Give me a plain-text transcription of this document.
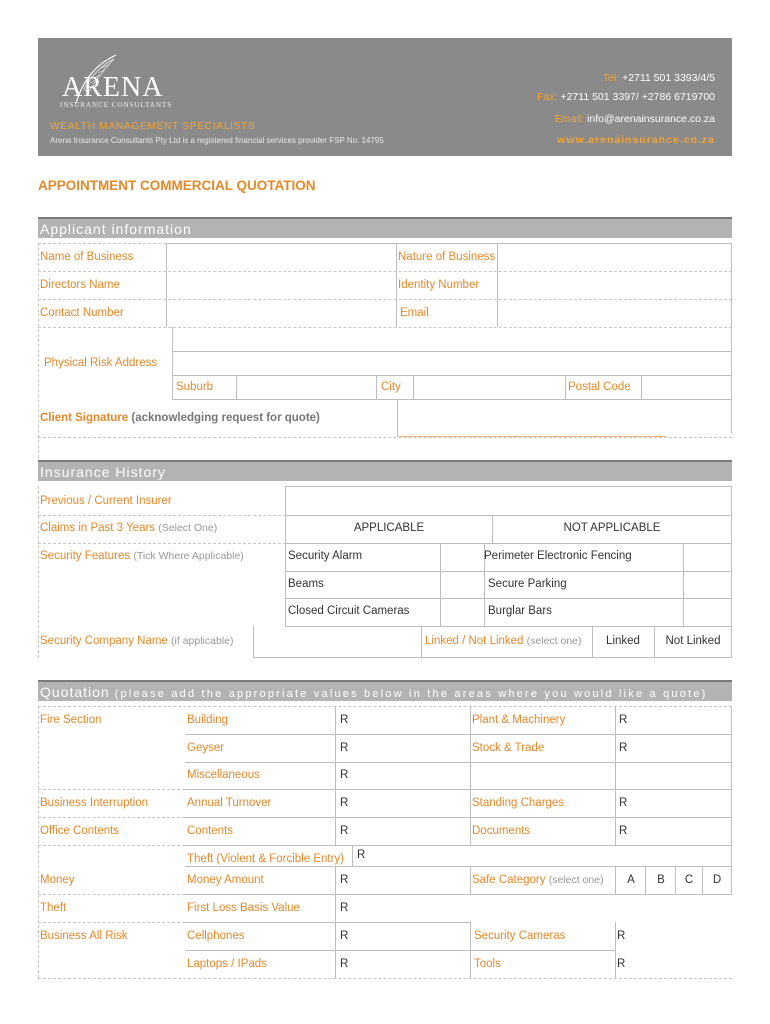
ARENA
INSURANCE CONSULTANTS
WEALTH MANAGEMENT SPECIALISTS
Arena Insurance Consultants Pty Ltd is a registered financial services provider FSP No. 14795
Tel: +2711 501 3393/4/5
Fax: +2711 501 3397/ +2786 6719700
Email: info@arenainsurance.co.za
www.arenainsurance.co.za
APPOINTMENT COMMERCIAL QUOTATION
Applicant information
Name of Business	Nature of Business
Directors Name	Identity Number
Contact Number	Email
Physical Risk Address
Suburb	City	Postal Code
Client Signature (acknowledging request for quote)
Insurance History
Previous / Current Insurer
Claims in Past 3 Years (Select One)	APPLICABLE	NOT APPLICABLE
Security Features (Tick Where Applicable)	Security Alarm	Perimeter Electronic Fencing
Beams	Secure Parking
Closed Circuit Cameras	Burglar Bars
Security Company Name (if applicable)	Linked / Not Linked (select one)	Linked	Not Linked
Quotation (please add the appropriate values below in the areas where you would like a quote)
Fire Section	Building	R	Plant & Machinery	R
Geyser	R	Stock & Trade	R
Miscellaneous	R
Business Interruption	Annual Turnover	R	Standing Charges	R
Office Contents	Contents	R	Documents	R
Theft (Violent & Forcible Entry) R
Money	Money Amount	R	Safe Category (select one)	A	B	C	D
Theft	First Loss Basis Value	R
Business All Risk	Cellphones	R	Security Cameras	R
Laptops / IPads	R	Tools	R
